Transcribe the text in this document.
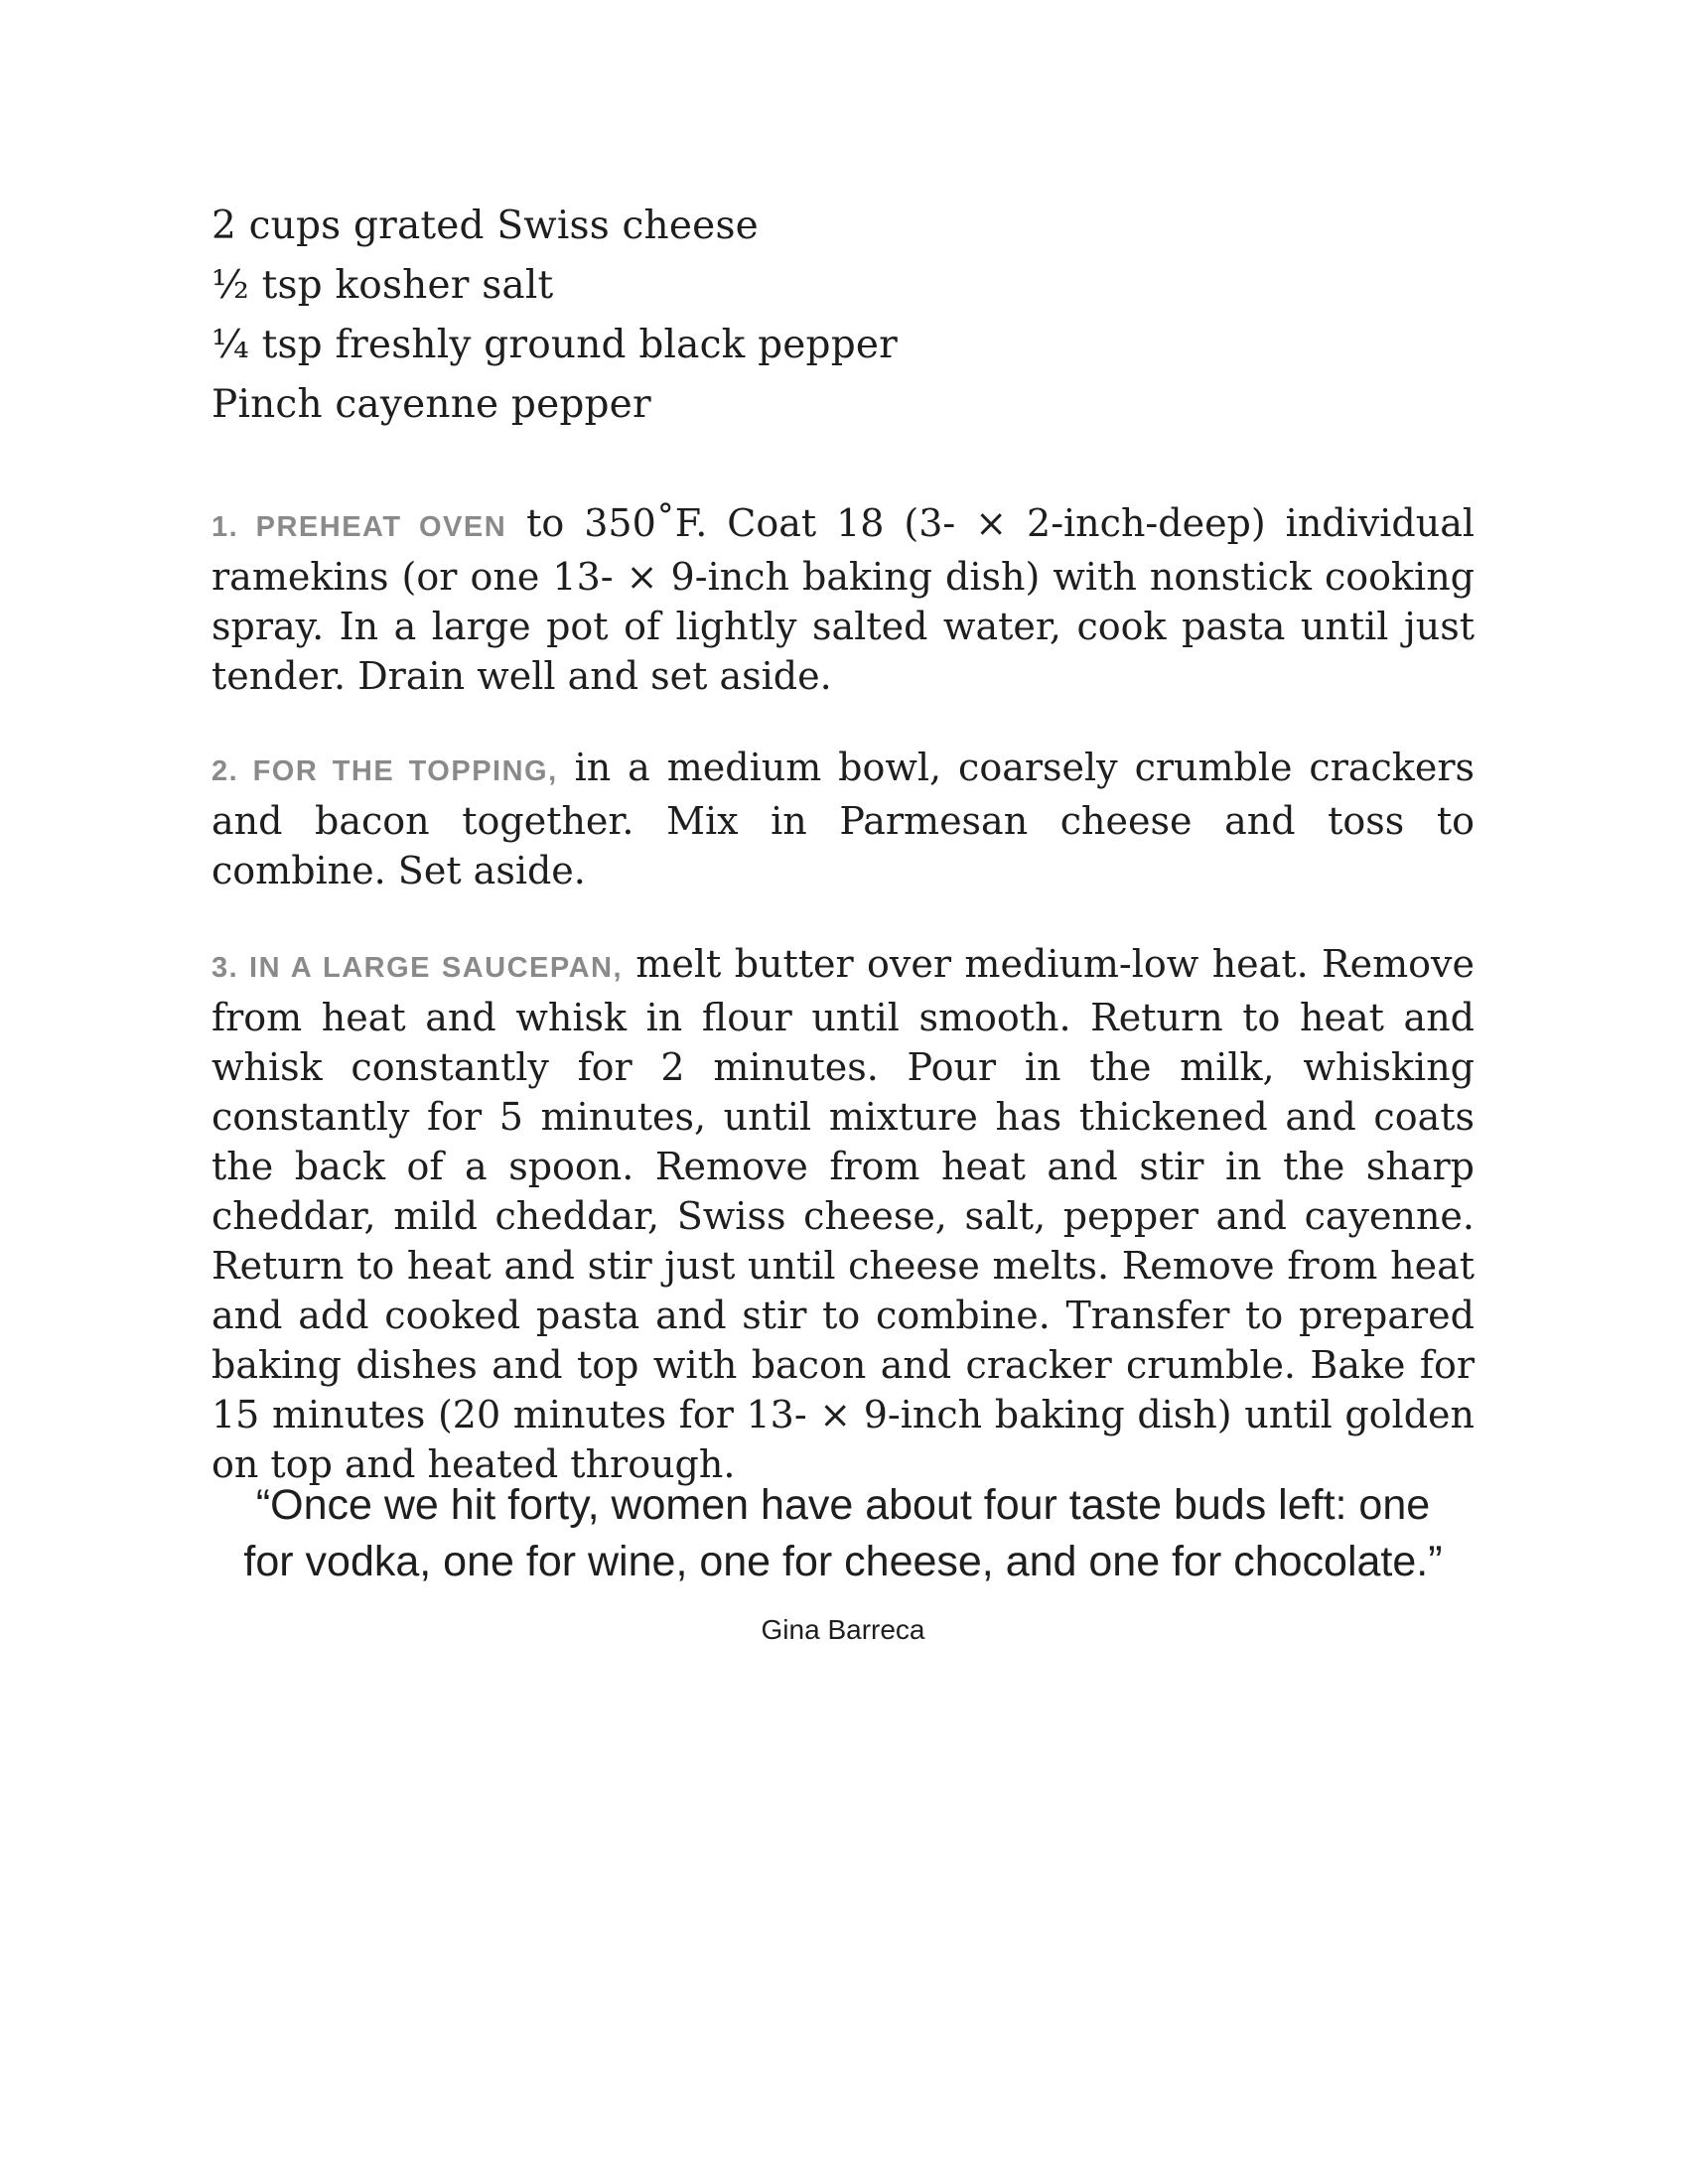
2 cups grated Swiss cheese
½ tsp kosher salt
¼ tsp freshly ground black pepper
Pinch cayenne pepper

1. PREHEAT OVEN to 350˚F. Coat 18 (3- × 2-inch-deep) individual ramekins (or one 13- × 9-inch baking dish) with nonstick cooking spray. In a large pot of lightly salted water, cook pasta until just tender. Drain well and set aside.

2. FOR THE TOPPING, in a medium bowl, coarsely crumble crackers and bacon together. Mix in Parmesan cheese and toss to combine. Set aside.

3. IN A LARGE SAUCEPAN, melt butter over medium-low heat. Remove from heat and whisk in flour until smooth. Return to heat and whisk constantly for 2 minutes. Pour in the milk, whisking constantly for 5 minutes, until mixture has thickened and coats the back of a spoon. Remove from heat and stir in the sharp cheddar, mild cheddar, Swiss cheese, salt, pepper and cayenne. Return to heat and stir just until cheese melts. Remove from heat and add cooked pasta and stir to combine. Transfer to prepared baking dishes and top with bacon and cracker crumble. Bake for 15 minutes (20 minutes for 13- × 9-inch baking dish) until golden on top and heated through.

“Once we hit forty, women have about four taste buds left: one for vodka, one for wine, one for cheese, and one for chocolate.”

Gina Barreca
